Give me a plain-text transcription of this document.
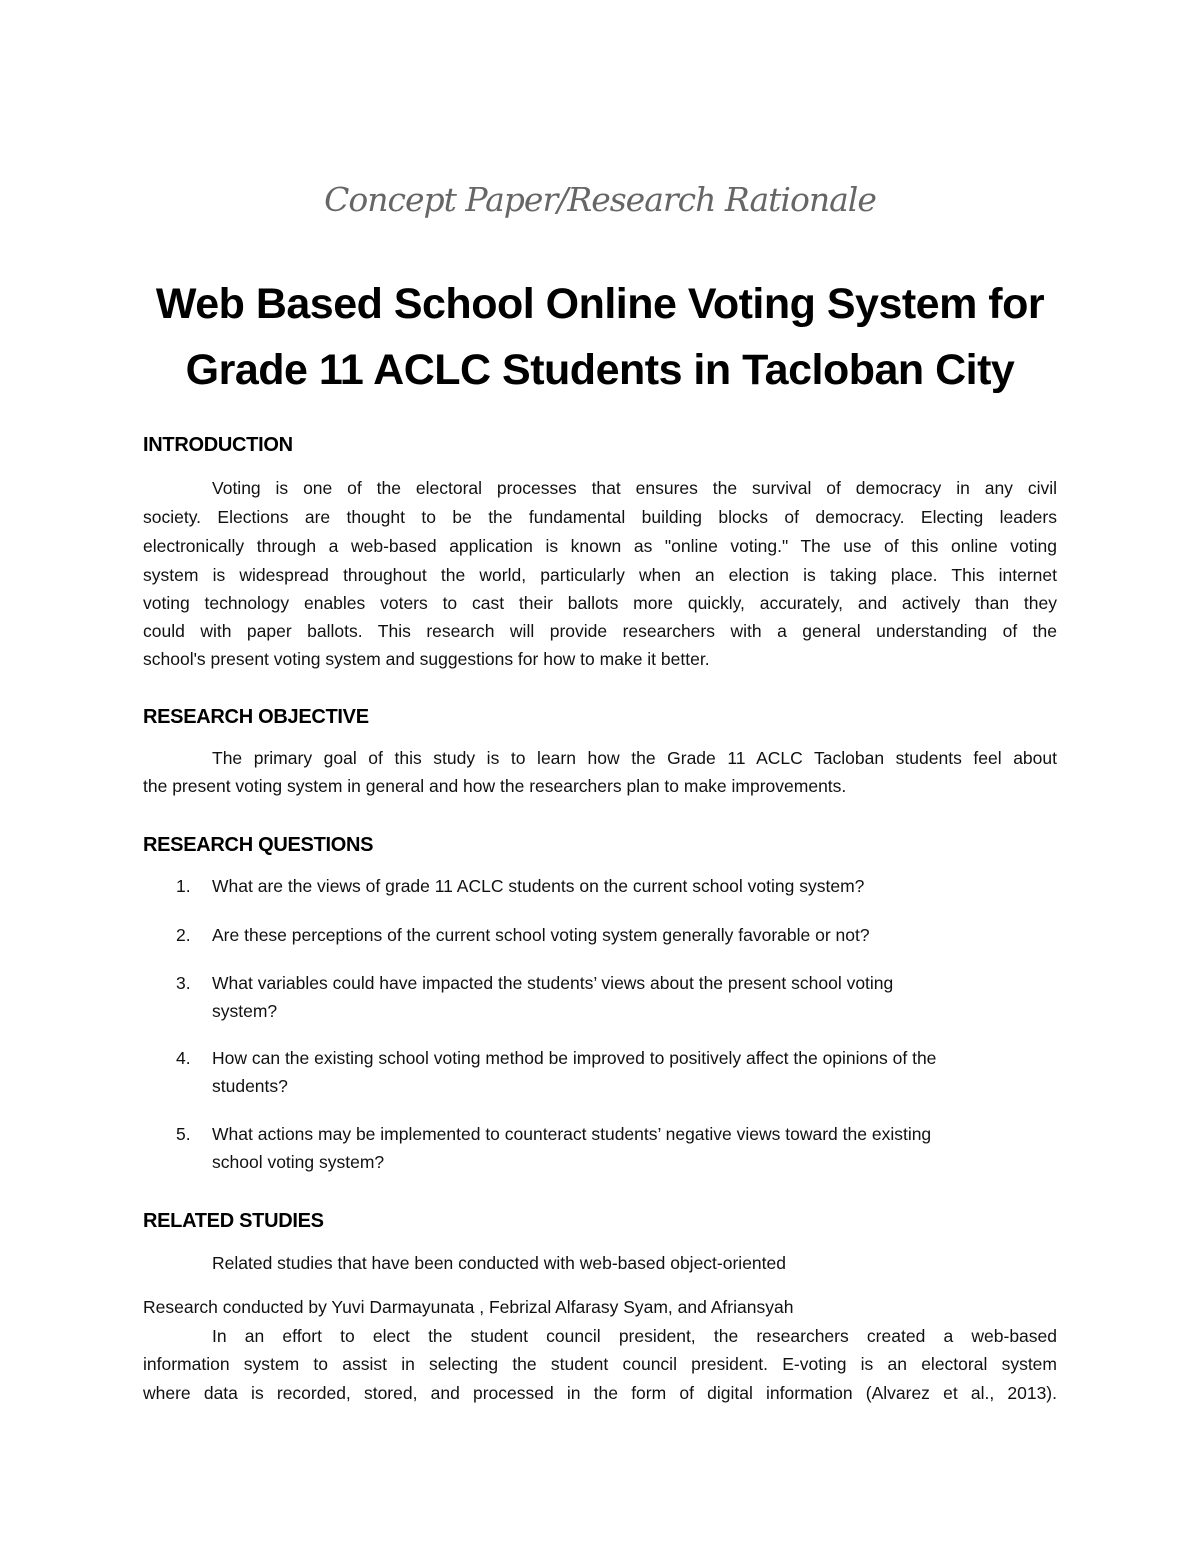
Concept Paper/Research Rationale
Web Based School Online Voting System for
Grade 11 ACLC Students in Tacloban City
INTRODUCTION
Voting is one of the electoral processes that ensures the survival of democracy in any civil
society. Elections are thought to be the fundamental building blocks of democracy. Electing leaders
electronically through a web-based application is known as "online voting." The use of this online voting
system is widespread throughout the world, particularly when an election is taking place. This internet
voting technology enables voters to cast their ballots more quickly, accurately, and actively than they
could with paper ballots. This research will provide researchers with a general understanding of the
school's present voting system and suggestions for how to make it better.
RESEARCH OBJECTIVE
The primary goal of this study is to learn how the Grade 11 ACLC Tacloban students feel about
the present voting system in general and how the researchers plan to make improvements.
RESEARCH QUESTIONS
1. What are the views of grade 11 ACLC students on the current school voting system?
2. Are these perceptions of the current school voting system generally favorable or not?
3. What variables could have impacted the students’ views about the present school voting
system?
4. How can the existing school voting method be improved to positively affect the opinions of the
students?
5. What actions may be implemented to counteract students’ negative views toward the existing
school voting system?
RELATED STUDIES
Related studies that have been conducted with web-based object-oriented
Research conducted by Yuvi Darmayunata , Febrizal Alfarasy Syam, and Afriansyah
In an effort to elect the student council president, the researchers created a web-based
information system to assist in selecting the student council president. E-voting is an electoral system
where data is recorded, stored, and processed in the form of digital information (Alvarez et al., 2013).
